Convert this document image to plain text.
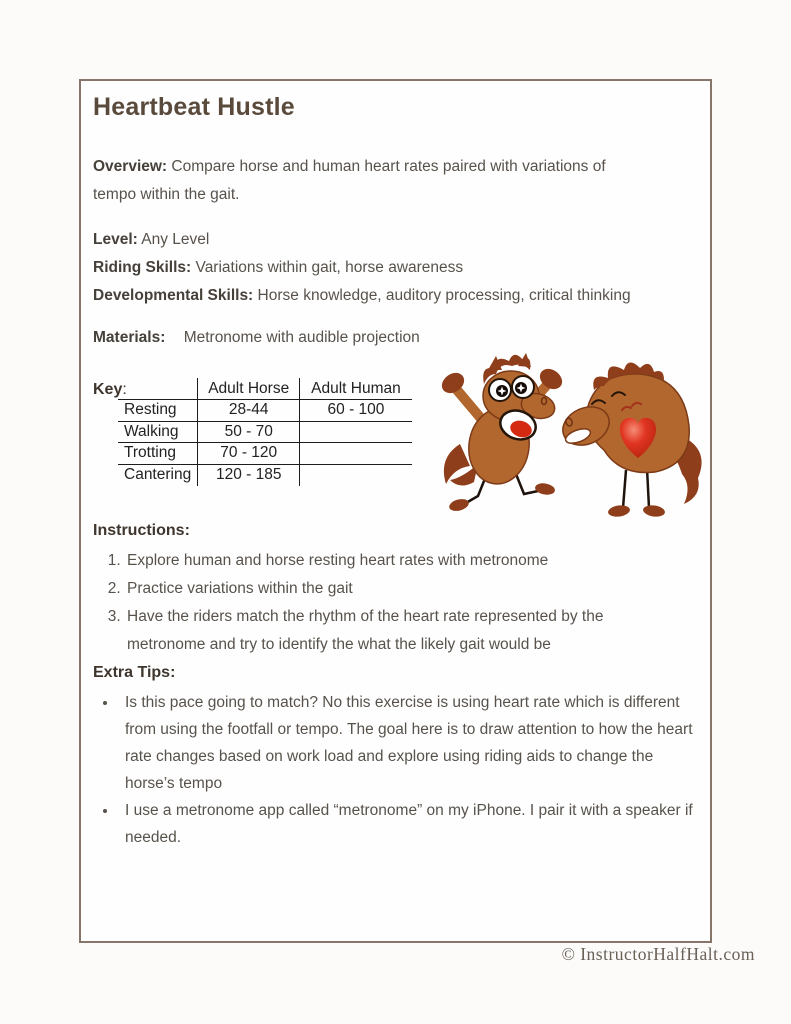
Heartbeat Hustle
Overview: Compare horse and human heart rates paired with variations of tempo within the gait.
Level: Any Level
Riding Skills: Variations within gait, horse awareness
Developmental Skills: Horse knowledge, auditory processing, critical thinking
Materials: Metronome with audible projection
Key:
		Adult Horse	Adult Human
Resting	28-44	60 - 100
Walking	50 - 70	
Trotting	70 - 120	
Cantering	120 - 185	
Instructions:
1. Explore human and horse resting heart rates with metronome
2. Practice variations within the gait
3. Have the riders match the rhythm of the heart rate represented by the metronome and try to identify the what the likely gait would be
Extra Tips:
• Is this pace going to match? No this exercise is using heart rate which is different from using the footfall or tempo. The goal here is to draw attention to how the heart rate changes based on work load and explore using riding aids to change the horse’s tempo
• I use a metronome app called “metronome” on my iPhone. I pair it with a speaker if needed.
© InstructorHalfHalt.com
